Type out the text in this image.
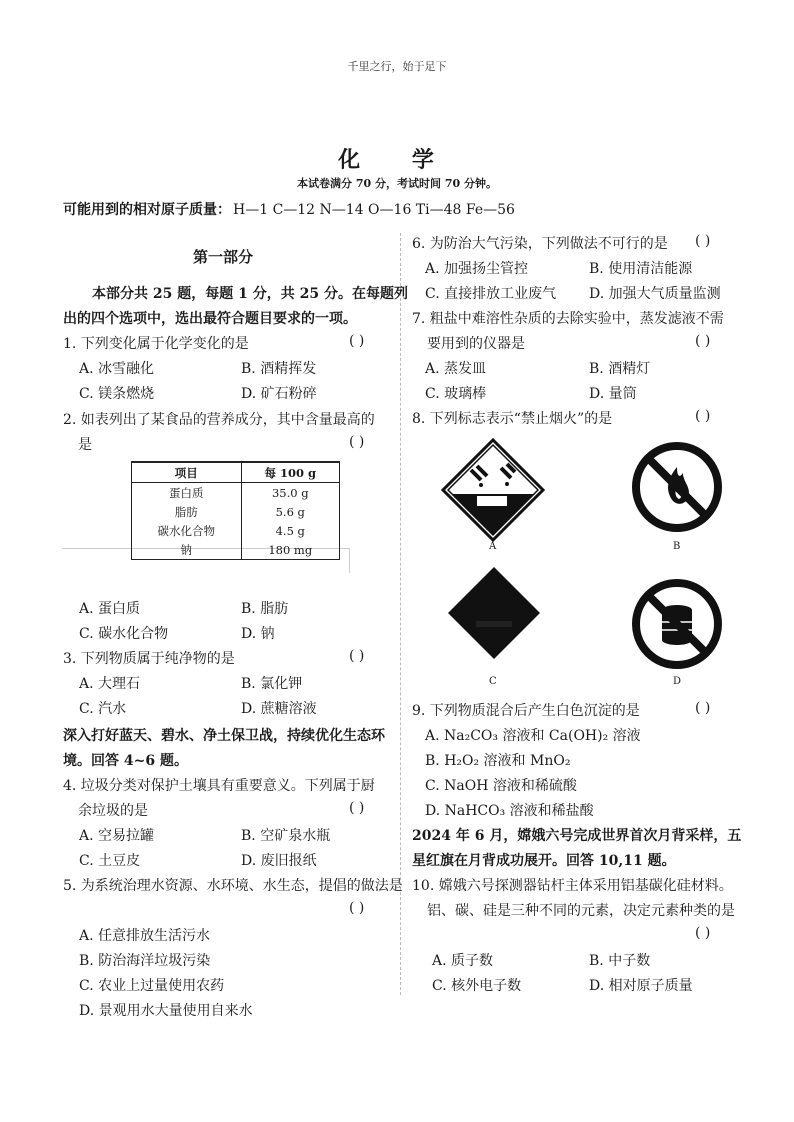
千里之行，始于足下
化 学
本试卷满分 70 分，考试时间 70 分钟。
可能用到的相对原子质量： H—1 C—12 N—14 O—16 Ti—48 Fe—56
第一部分
本部分共 25 题，每题 1 分，共 25 分。在每题列
出的四个选项中，选出最符合题目要求的一项。
1. 下列变化属于化学变化的是	( )
A. 冰雪融化	B. 酒精挥发
C. 镁条燃烧	D. 矿石粉碎
2. 如表列出了某食品的营养成分，其中含量最高的
是	( )
项目	每 100 g
蛋白质	35.0 g
脂肪	5.6 g
碳水化合物	4.5 g
钠	180 mg
A. 蛋白质	B. 脂肪
C. 碳水化合物	D. 钠
3. 下列物质属于纯净物的是	( )
A. 大理石	B. 氯化钾
C. 汽水	D. 蔗糖溶液
深入打好蓝天、碧水、净土保卫战，持续优化生态环
境。回答 4~6 题。
4. 垃圾分类对保护土壤具有重要意义。下列属于厨
余垃圾的是	( )
A. 空易拉罐	B. 空矿泉水瓶
C. 土豆皮	D. 废旧报纸
5. 为系统治理水资源、水环境、水生态，提倡的做法是
( )
A. 任意排放生活污水
B. 防治海洋垃圾污染
C. 农业上过量使用农药
D. 景观用水大量使用自来水
6. 为防治大气污染，下列做法不可行的是 ( )
A. 加强扬尘管控	B. 使用清洁能源
C. 直接排放工业废气 D. 加强大气质量监测
7. 粗盐中难溶性杂质的去除实验中，蒸发滤液不需
要用到的仪器是	( )
A. 蒸发皿	B. 酒精灯
C. 玻璃棒	D. 量筒
8. 下列标志表示“禁止烟火”的是	( )
A	B
C	D
9. 下列物质混合后产生白色沉淀的是	( )
A. Na₂CO₃ 溶液和 Ca(OH)₂ 溶液
B. H₂O₂ 溶液和 MnO₂
C. NaOH 溶液和稀硫酸
D. NaHCO₃ 溶液和稀盐酸
2024 年 6 月，嫦娥六号完成世界首次月背采样，五
星红旗在月背成功展开。回答 10,11 题。
10. 嫦娥六号探测器钻杆主体采用铝基碳化硅材料。
铝、碳、硅是三种不同的元素，决定元素种类的是
( )
A. 质子数	B. 中子数
C. 核外电子数	D. 相对原子质量
